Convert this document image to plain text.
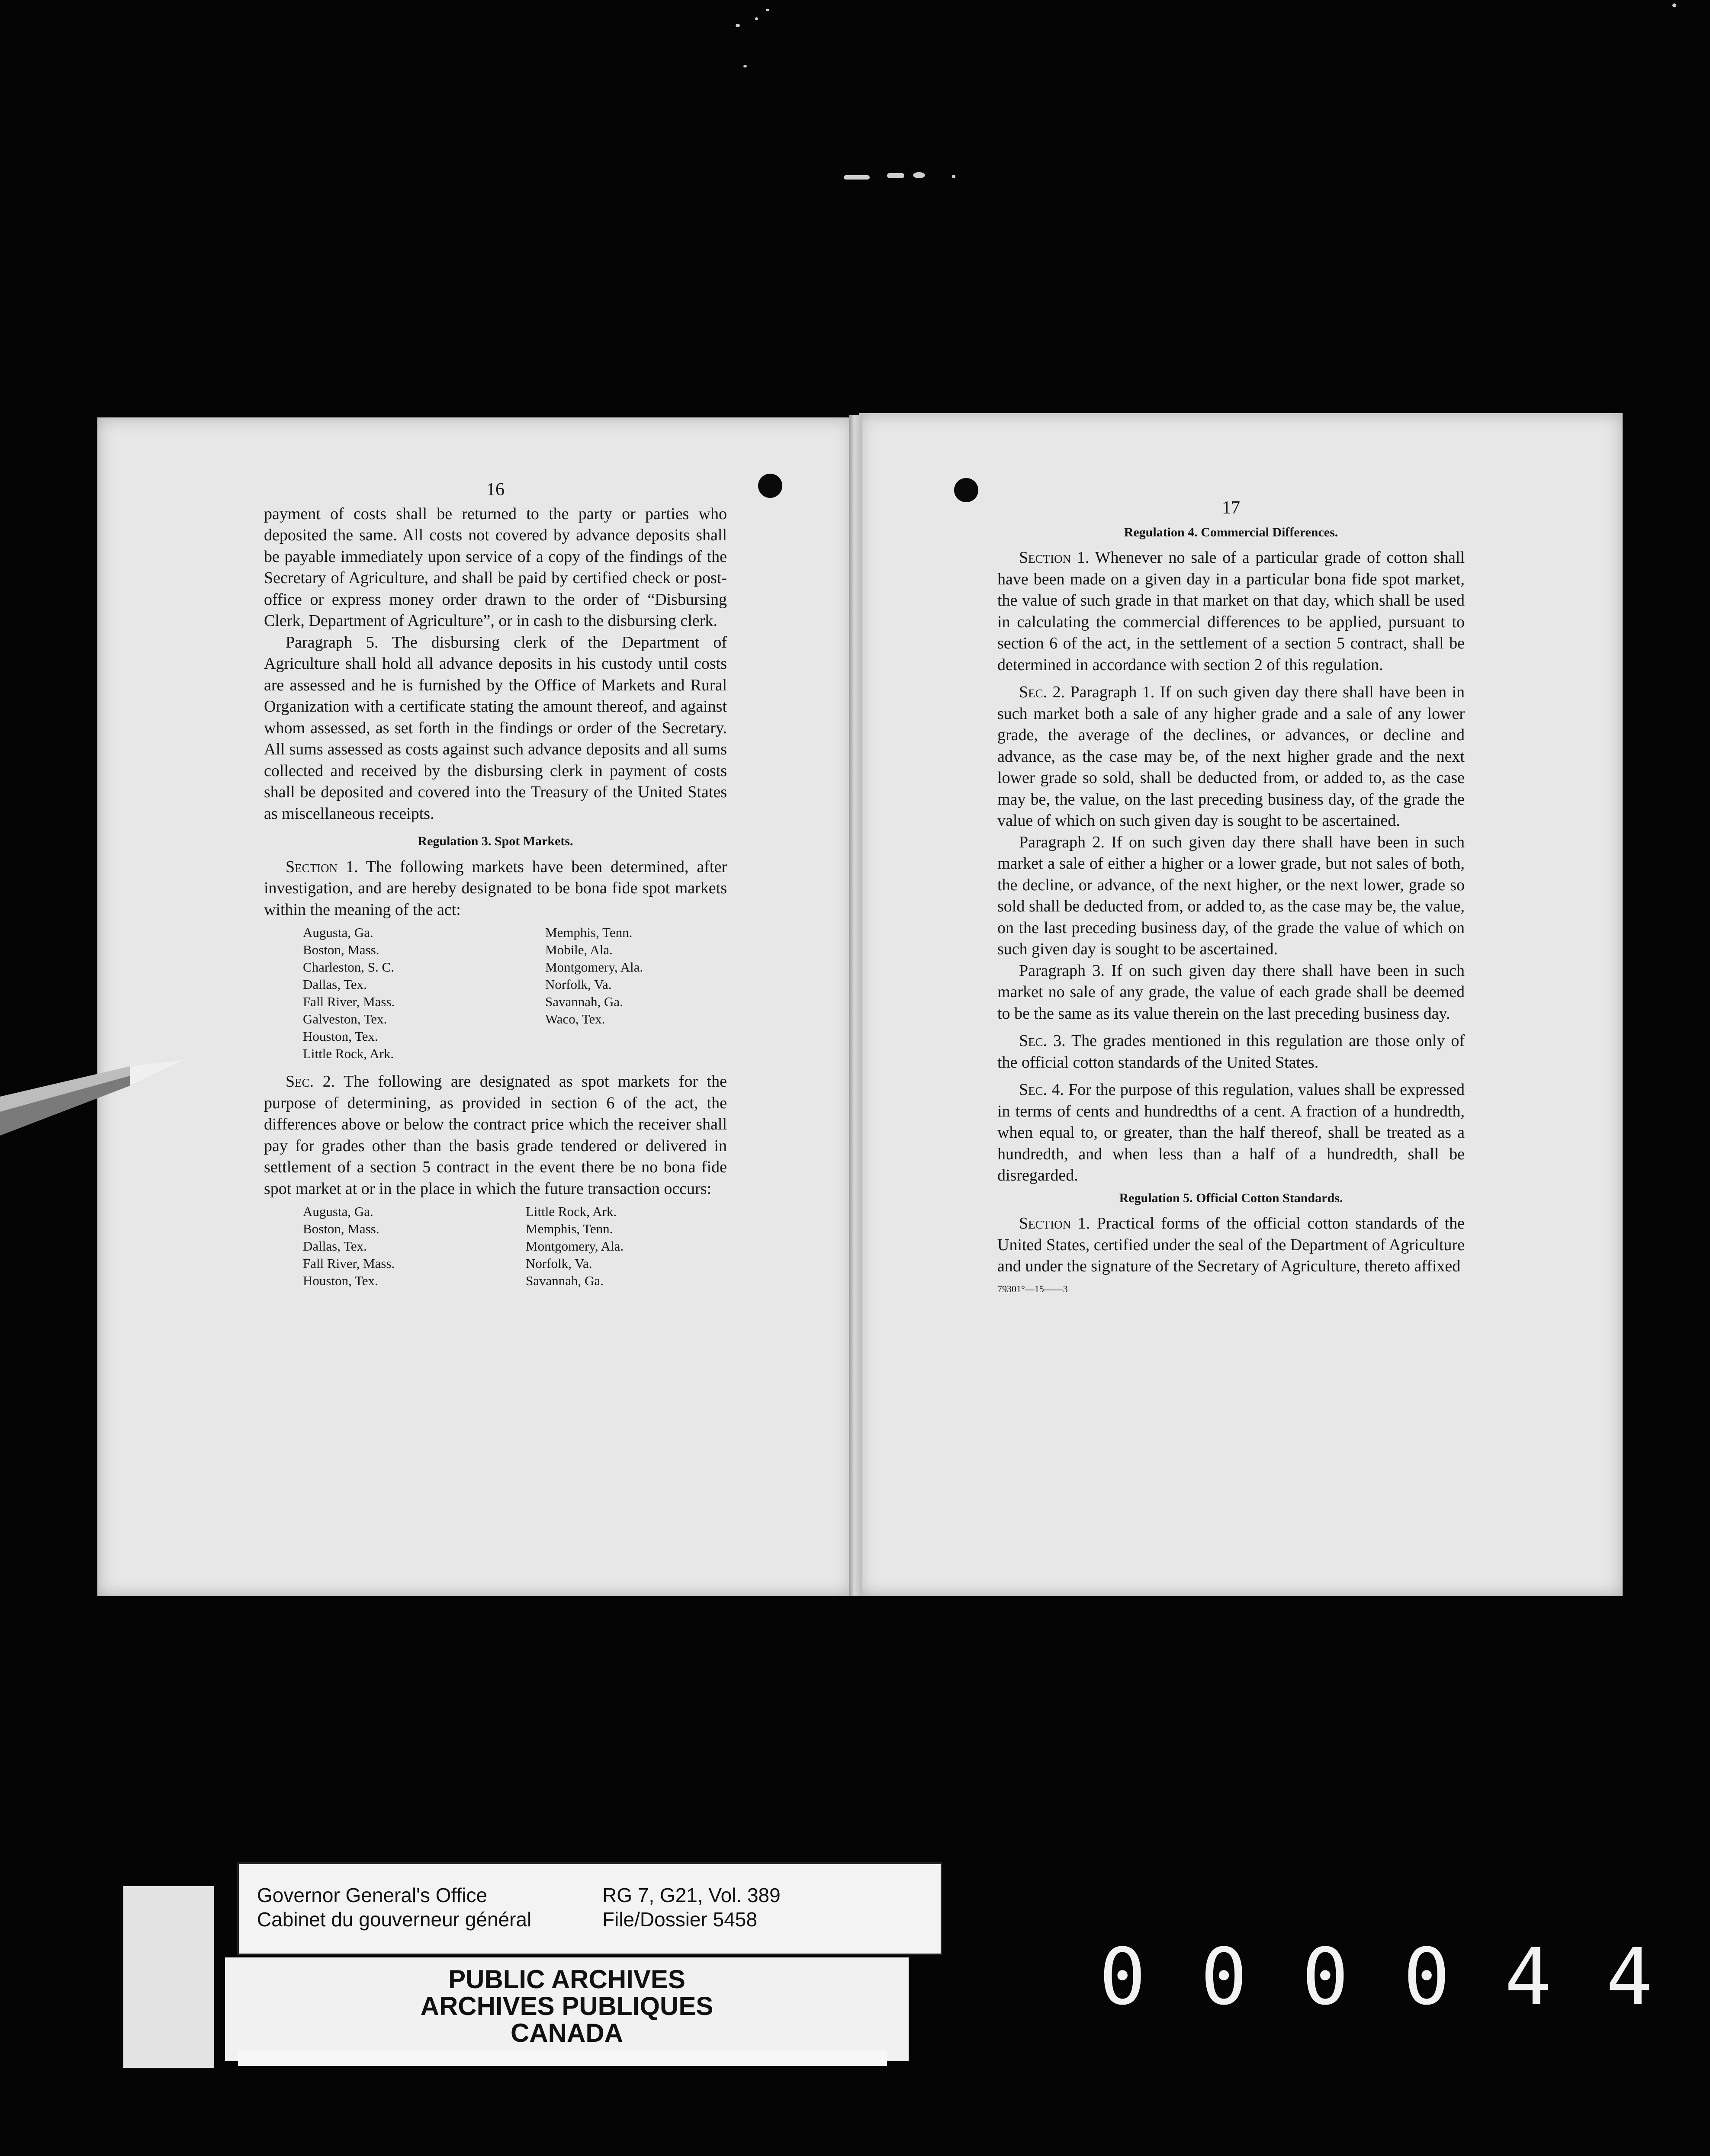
16

payment of costs shall be returned to the party or parties who deposited the same. All costs not covered by advance deposits shall be payable immediately upon service of a copy of the findings of the Secretary of Agriculture, and shall be paid by certified check or post-office or express money order drawn to the order of “Disbursing Clerk, Department of Agriculture”, or in cash to the disbursing clerk.

Paragraph 5. The disbursing clerk of the Department of Agriculture shall hold all advance deposits in his custody until costs are assessed and he is furnished by the Office of Markets and Rural Organization with a certificate stating the amount thereof, and against whom assessed, as set forth in the findings or order of the Secretary. All sums assessed as costs against such advance deposits and all sums collected and received by the disbursing clerk in payment of costs shall be deposited and covered into the Treasury of the United States as miscellaneous receipts.

Regulation 3. Spot Markets.

Section 1. The following markets have been determined, after investigation, and are hereby designated to be bona fide spot markets within the meaning of the act:

Augusta, Ga.
Boston, Mass.
Charleston, S. C.
Dallas, Tex.
Fall River, Mass.
Galveston, Tex.
Houston, Tex.
Little Rock, Ark.
Memphis, Tenn.
Mobile, Ala.
Montgomery, Ala.
Norfolk, Va.
Savannah, Ga.
Waco, Tex.

Sec. 2. The following are designated as spot markets for the purpose of determining, as provided in section 6 of the act, the differences above or below the contract price which the receiver shall pay for grades other than the basis grade tendered or delivered in settlement of a section 5 contract in the event there be no bona fide spot market at or in the place in which the future transaction occurs:

Augusta, Ga.
Boston, Mass.
Dallas, Tex.
Fall River, Mass.
Houston, Tex.
Little Rock, Ark.
Memphis, Tenn.
Montgomery, Ala.
Norfolk, Va.
Savannah, Ga.
17
Regulation 4. Commercial Differences.

Section 1. Whenever no sale of a particular grade of cotton shall have been made on a given day in a particular bona fide spot market, the value of such grade in that market on that day, which shall be used in calculating the commercial differences to be applied, pursuant to section 6 of the act, in the settlement of a section 5 contract, shall be determined in accordance with section 2 of this regulation.

Sec. 2. Paragraph 1. If on such given day there shall have been in such market both a sale of any higher grade and a sale of any lower grade, the average of the declines, or advances, or decline and advance, as the case may be, of the next higher grade and the next lower grade so sold, shall be deducted from, or added to, as the case may be, the value, on the last preceding business day, of the grade the value of which on such given day is sought to be ascertained.

Paragraph 2. If on such given day there shall have been in such market a sale of either a higher or a lower grade, but not sales of both, the decline, or advance, of the next higher, or the next lower, grade so sold shall be deducted from, or added to, as the case may be, the value, on the last preceding business day, of the grade the value of which on such given day is sought to be ascertained.

Paragraph 3. If on such given day there shall have been in such market no sale of any grade, the value of each grade shall be deemed to be the same as its value therein on the last preceding business day.

Sec. 3. The grades mentioned in this regulation are those only of the official cotton standards of the United States.

Sec. 4. For the purpose of this regulation, values shall be expressed in terms of cents and hundredths of a cent. A fraction of a hundredth, when equal to, or greater, than the half thereof, shall be treated as a hundredth, and when less than a half of a hundredth, shall be disregarded.

Regulation 5. Official Cotton Standards.

Section 1. Practical forms of the official cotton standards of the United States, certified under the seal of the Department of Agriculture and under the signature of the Secretary of Agriculture, thereto affixed

79301°—15——3
Governor General's Office
Cabinet du gouverneur général
RG 7, G21, Vol. 389
File/Dossier 5458
PUBLIC ARCHIVES
ARCHIVES PUBLIQUES
CANADA
0 0 0 0 4 4
